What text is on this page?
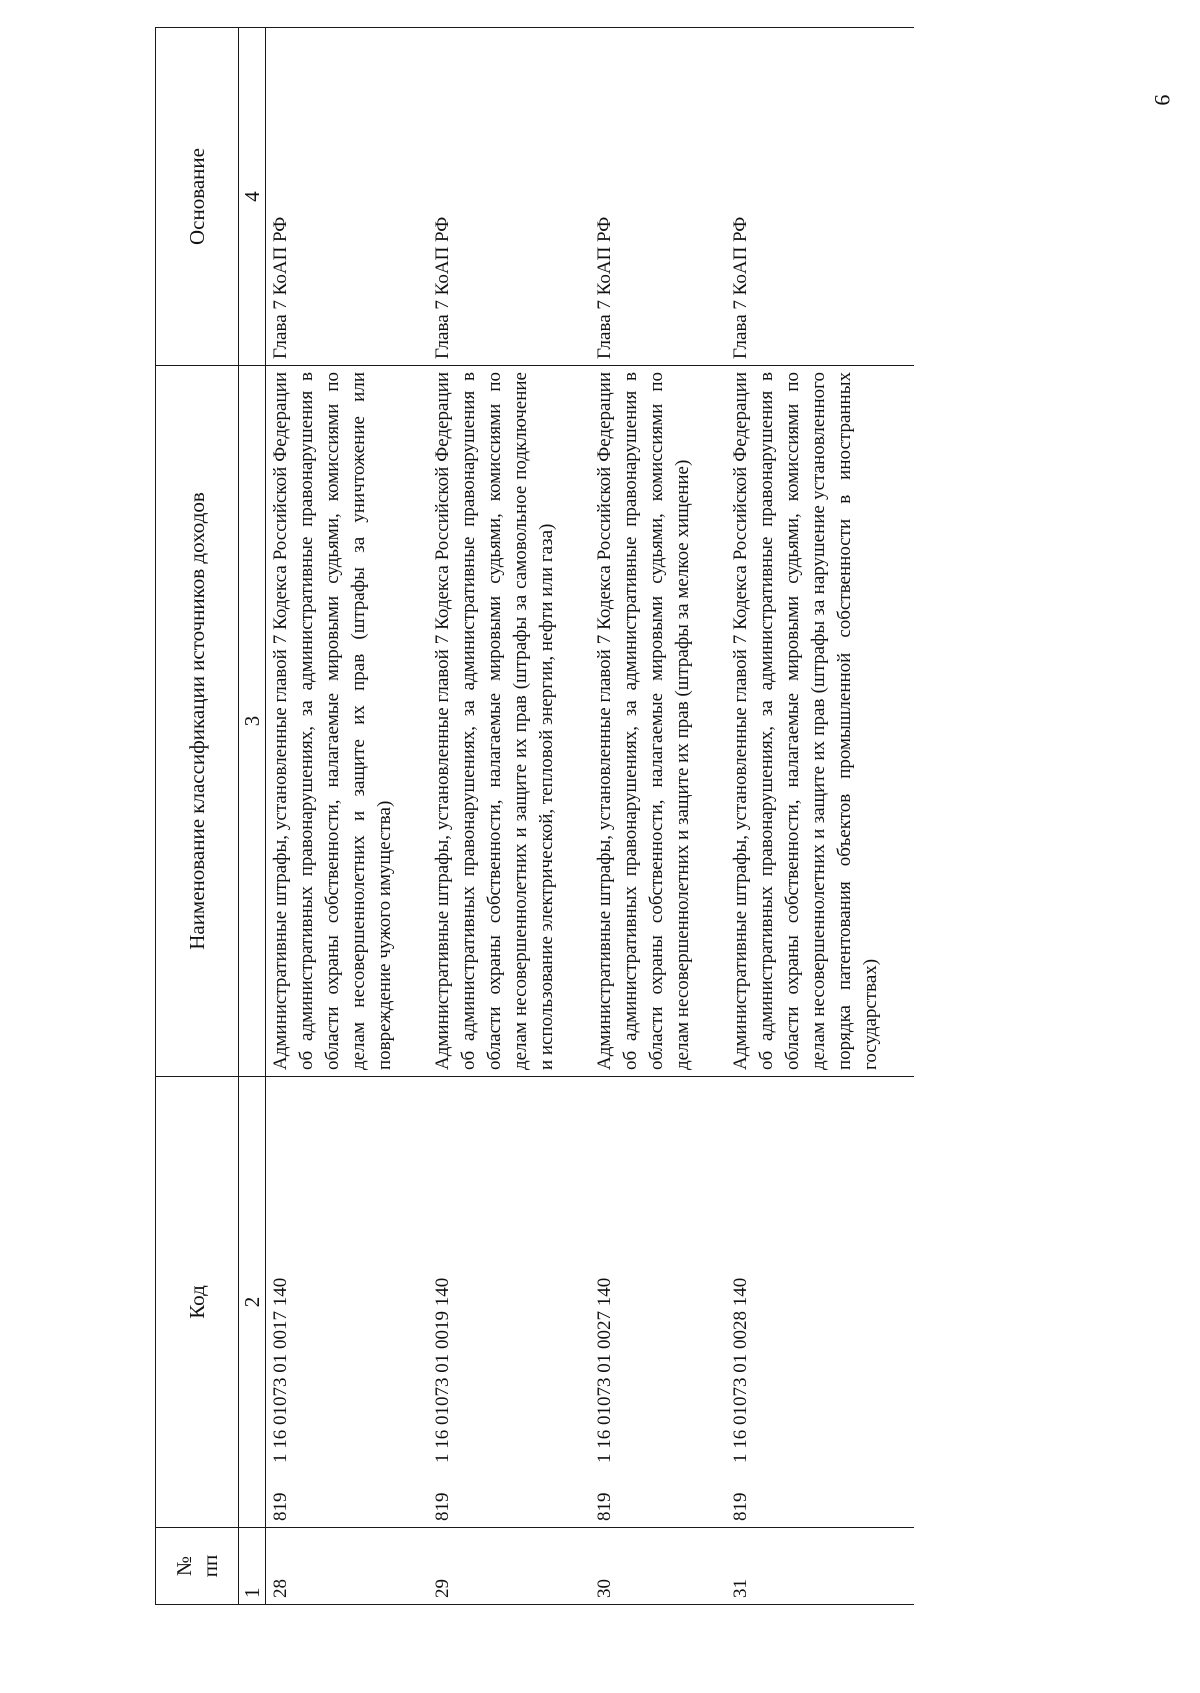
9
№
пп	Код	Наименование классификации источников доходов	Основание
1	2	3	4
28	8191 16 01073 01 0017 140	Административные штрафы, установленные главой 7 Кодекса Российской Федерации об административных правонарушениях, за административные правонарушения в области охраны собственности, налагаемые мировыми судьями, комиссиями по делам несовершеннолетних и защите их прав (штрафы за уничтожение или повреждение чужого имущества)	Глава 7 КоАП РФ
29	8191 16 01073 01 0019 140	Административные штрафы, установленные главой 7 Кодекса Российской Федерации об административных правонарушениях, за административные правонарушения в области охраны собственности, налагаемые мировыми судьями, комиссиями по делам несовершеннолетних и защите их прав (штрафы за самовольное подключение и использование электрической, тепловой энергии, нефти или газа)	Глава 7 КоАП РФ
30	8191 16 01073 01 0027 140	Административные штрафы, установленные главой 7 Кодекса Российской Федерации об административных правонарушениях, за административные правонарушения в области охраны собственности, налагаемые мировыми судьями, комиссиями по делам несовершеннолетних и защите их прав (штрафы за мелкое хищение)	Глава 7 КоАП РФ
31	8191 16 01073 01 0028 140	Административные штрафы, установленные главой 7 Кодекса Российской Федерации об административных правонарушениях, за административные правонарушения в области охраны собственности, налагаемые мировыми судьями, комиссиями по делам несовершеннолетних и защите их прав (штрафы за нарушение установленного порядка патентования объектов промышленной собственности в иностранных государствах)	Глава 7 КоАП РФ
